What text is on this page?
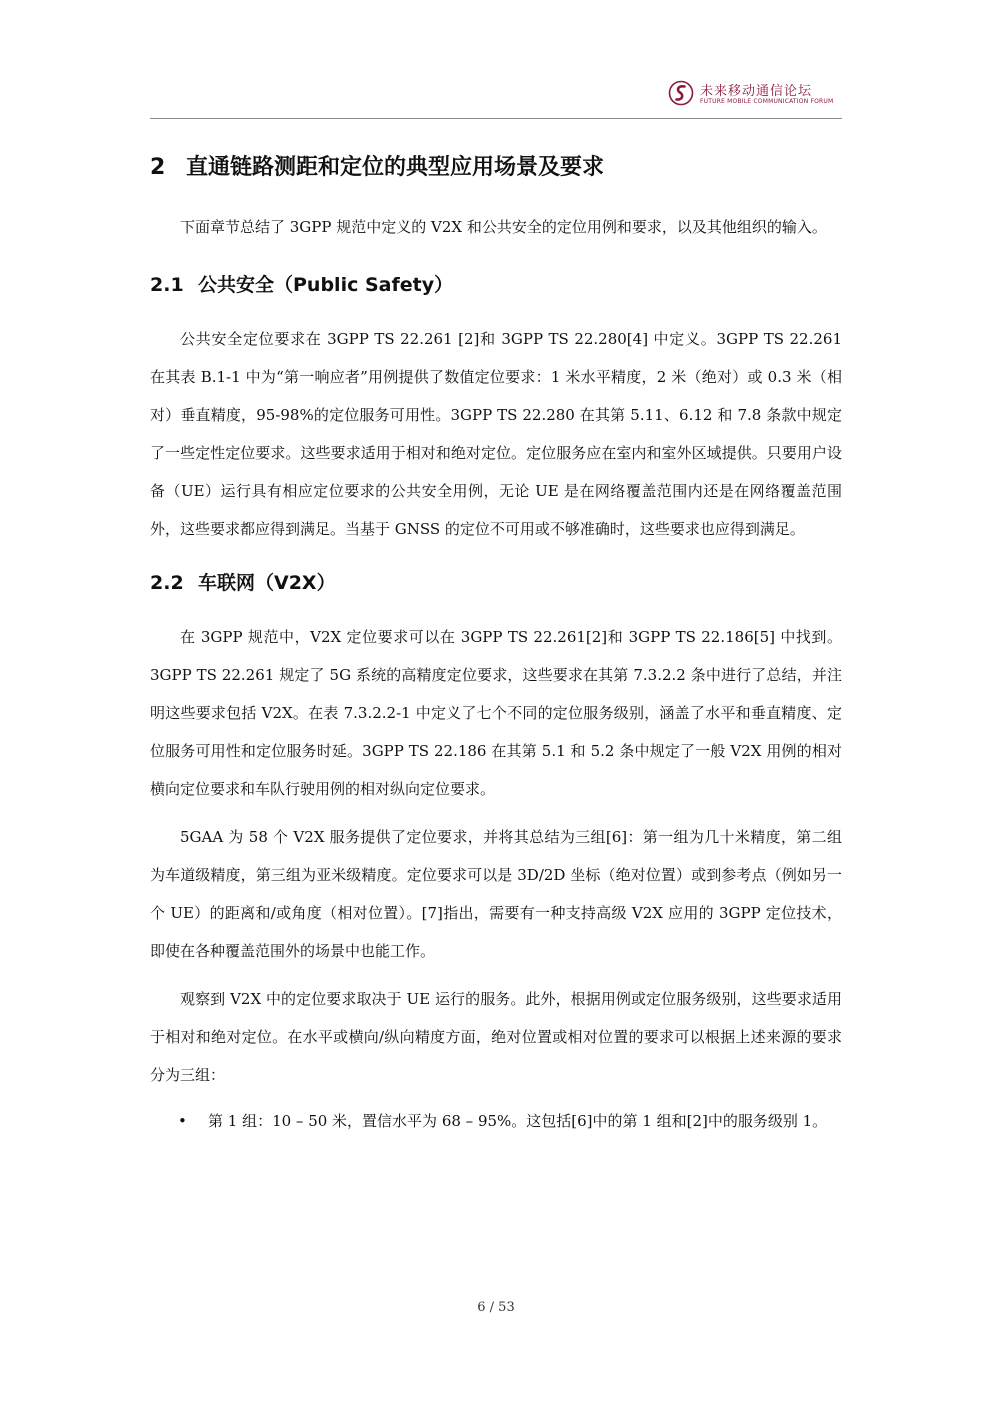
未来移动通信论坛
FUTURE MOBILE COMMUNICATION FORUM
2 直通链路测距和定位的典型应用场景及要求

下面章节总结了 3GPP 规范中定义的 V2X 和公共安全的定位用例和要求，以及其他组织的输入。

2.1 公共安全（Public Safety）

公共安全定位要求在 3GPP TS 22.261 [2]和 3GPP TS 22.280[4] 中定义。3GPP TS 22.261 在其表 B.1-1 中为“第一响应者”用例提供了数值定位要求：1 米水平精度，2 米（绝对）或 0.3 米（相对）垂直精度，95-98%的定位服务可用性。3GPP TS 22.280 在其第 5.11、6.12 和 7.8 条款中规定了一些定性定位要求。这些要求适用于相对和绝对定位。定位服务应在室内和室外区域提供。只要用户设备（UE）运行具有相应定位要求的公共安全用例，无论 UE 是在网络覆盖范围内还是在网络覆盖范围外，这些要求都应得到满足。当基于 GNSS 的定位不可用或不够准确时，这些要求也应得到满足。

2.2 车联网（V2X）

在 3GPP 规范中，V2X 定位要求可以在 3GPP TS 22.261[2]和 3GPP TS 22.186[5] 中找到。3GPP TS 22.261 规定了 5G 系统的高精度定位要求，这些要求在其第 7.3.2.2 条中进行了总结，并注明这些要求包括 V2X。在表 7.3.2.2-1 中定义了七个不同的定位服务级别，涵盖了水平和垂直精度、定位服务可用性和定位服务时延。3GPP TS 22.186 在其第 5.1 和 5.2 条中规定了一般 V2X 用例的相对横向定位要求和车队行驶用例的相对纵向定位要求。

5GAA 为 58 个 V2X 服务提供了定位要求，并将其总结为三组[6]：第一组为几十米精度，第二组为车道级精度，第三组为亚米级精度。定位要求可以是 3D/2D 坐标（绝对位置）或到参考点（例如另一个 UE）的距离和/或角度（相对位置）。[7]指出，需要有一种支持高级 V2X 应用的 3GPP 定位技术，即使在各种覆盖范围外的场景中也能工作。

观察到 V2X 中的定位要求取决于 UE 运行的服务。此外，根据用例或定位服务级别，这些要求适用于相对和绝对定位。在水平或横向/纵向精度方面，绝对位置或相对位置的要求可以根据上述来源的要求分为三组：

• 第 1 组：10 – 50 米，置信水平为 68 – 95%。这包括[6]中的第 1 组和[2]中的服务级别 1。
6 / 53
